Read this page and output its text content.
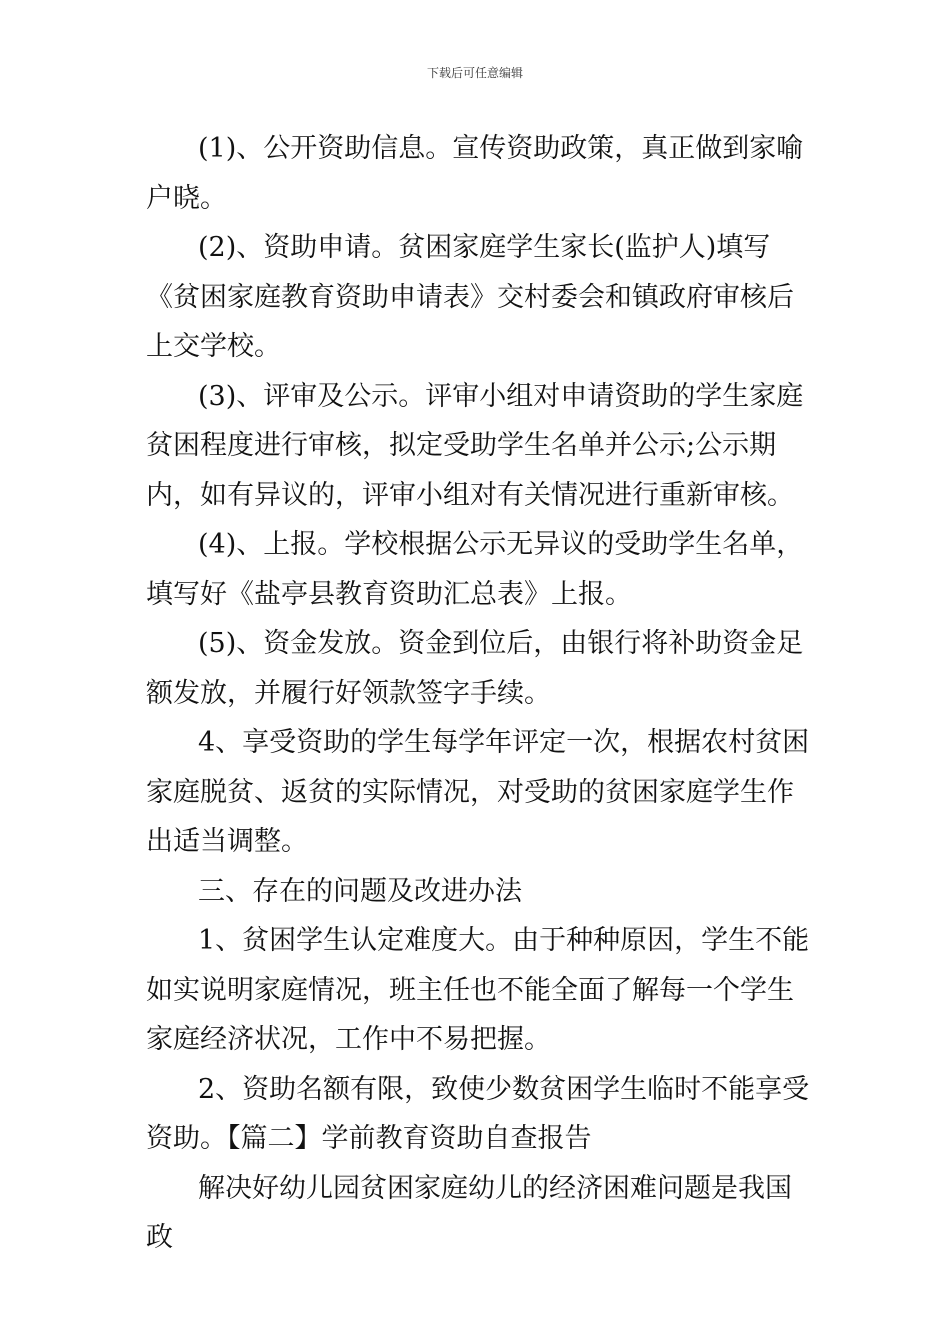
下载后可任意编辑

(1)、公开资助信息。宣传资助政策，真正做到家喻户晓。

(2)、资助申请。贫困家庭学生家长(监护人)填写《贫困家庭教育资助申请表》交村委会和镇政府审核后上交学校。

(3)、评审及公示。评审小组对申请资助的学生家庭贫困程度进行审核，拟定受助学生名单并公示;公示期内，如有异议的，评审小组对有关情况进行重新审核。

(4)、上报。学校根据公示无异议的受助学生名单，填写好《盐亭县教育资助汇总表》上报。

(5)、资金发放。资金到位后，由银行将补助资金足额发放，并履行好领款签字手续。

4、享受资助的学生每学年评定一次，根据农村贫困家庭脱贫、返贫的实际情况，对受助的贫困家庭学生作出适当调整。

三、存在的问题及改进办法

1、贫困学生认定难度大。由于种种原因，学生不能如实说明家庭情况，班主任也不能全面了解每一个学生家庭经济状况，工作中不易把握。

2、资助名额有限，致使少数贫困学生临时不能享受资助。【篇二】学前教育资助自查报告

解决好幼儿园贫困家庭幼儿的经济困难问题是我国政
